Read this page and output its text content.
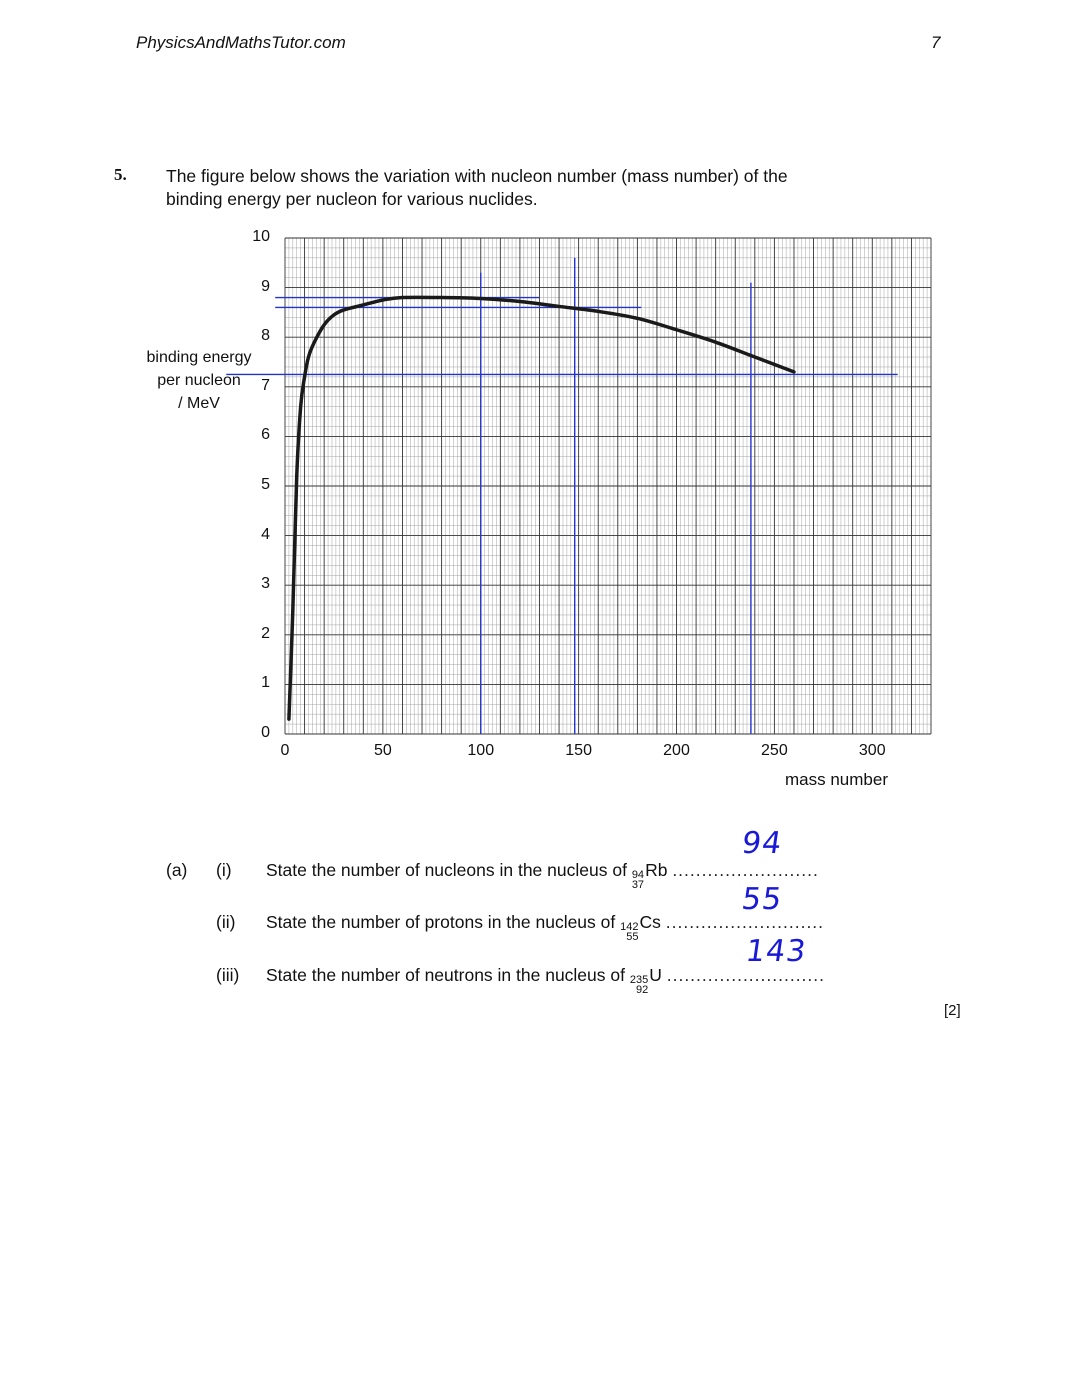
PhysicsAndMathsTutor.com	7
5. The figure below shows the variation with nucleon number (mass number) of the
binding energy per nucleon for various nuclides.
binding energy
per nucleon
/ MeV
mass number
0
1
2
3
4
5
6
7
8
9
10
0	50	100	150	200	250	300
(a) (i) State the number of nucleons in the nucleus of 94
37
Rb .........................
94
(ii) State the number of protons in the nucleus of 142
55
Cs ...........................
55
(iii) State the number of neutrons in the nucleus of 235
92
U ...........................
143
[2]
